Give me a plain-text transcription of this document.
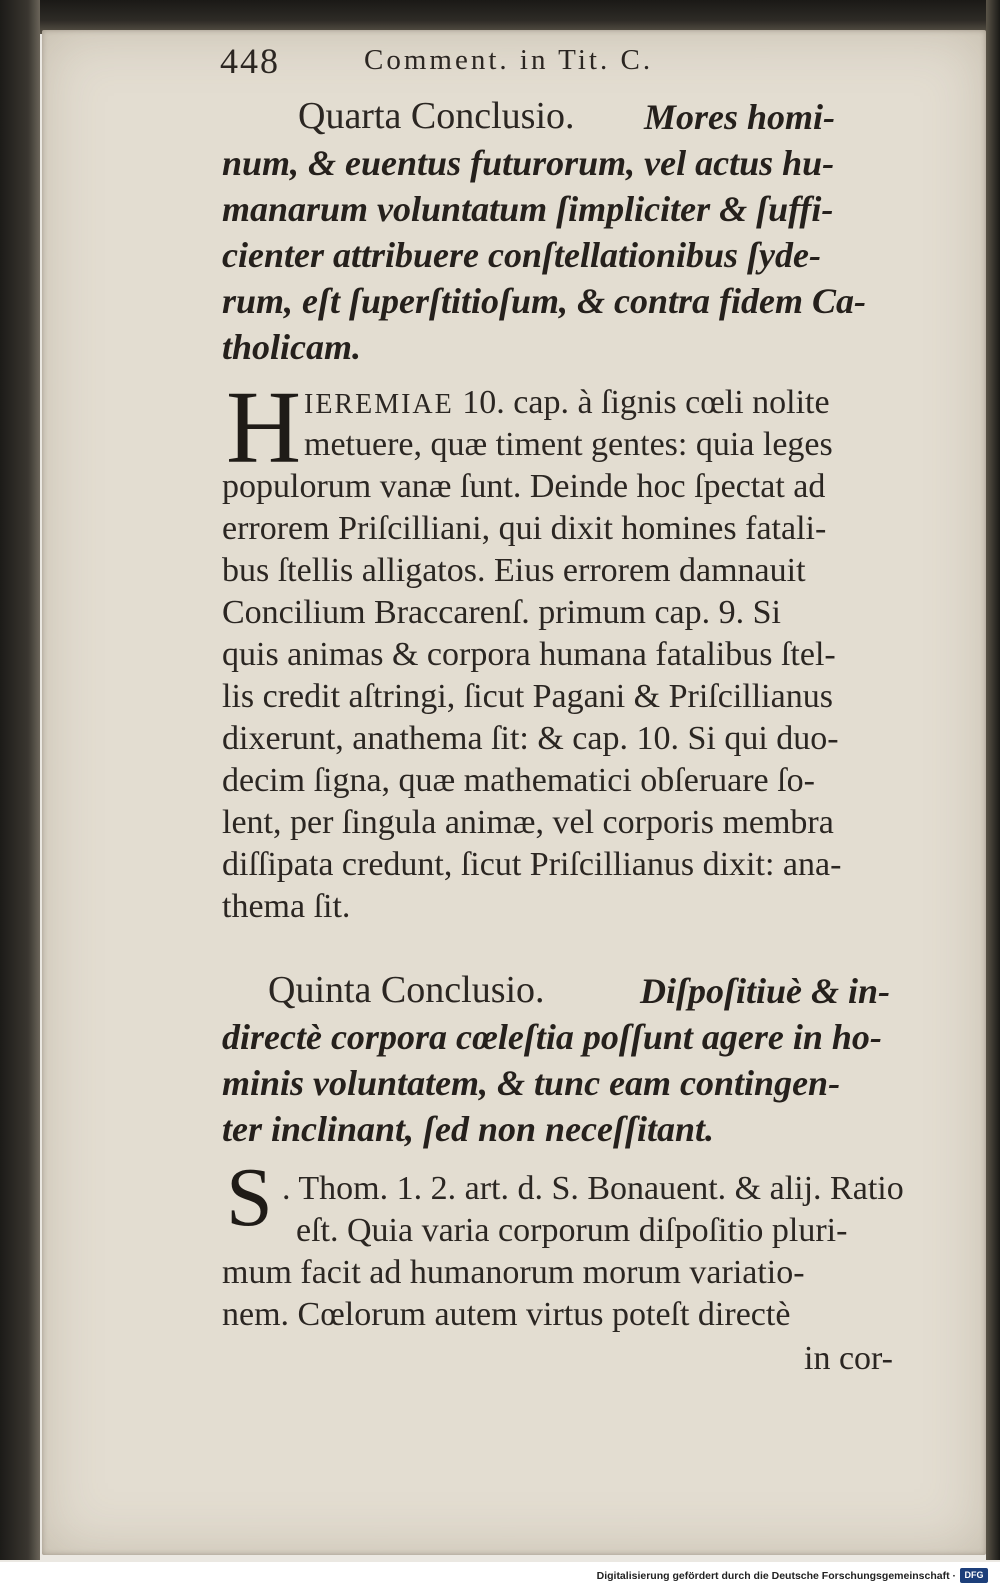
448	Comment. in Tit. C.
Quarta Conclusio. Mores homi-
num, & euentus futurorum, vel actus hu-
manarum voluntatum ſimpliciter & ſuffi-
cienter attribuere conſtellationibus ſyde-
rum, eſt ſuperſtitioſum, & contra fidem Ca-
tholicam.
H IEREMIAE 10. cap. à ſignis cœli nolite
metuere, quæ timent gentes: quia leges
populorum vanæ ſunt. Deinde hoc ſpectat ad
errorem Priſcilliani, qui dixit homines fatali-
bus ſtellis alligatos. Eius errorem damnauit
Concilium Braccarenſ. primum cap. 9. Si
quis animas & corpora humana fatalibus ſtel-
lis credit aſtringi, ſicut Pagani & Priſcillianus
dixerunt, anathema ſit: & cap. 10. Si qui duo-
decim ſigna, quæ mathematici obſeruare ſo-
lent, per ſingula animæ, vel corporis membra
diſſipata credunt, ſicut Priſcillianus dixit: ana-
thema ſit.
Quinta Conclusio.	Diſpoſitiuè & in-
directè corpora cœleſtia poſſunt agere in ho-
minis voluntatem, & tunc eam contingen-
ter inclinant, ſed non neceſſitant.
S . Thom. 1. 2. art. d. S. Bonauent. & alij. Ratio
eſt. Quia varia corporum diſpoſitio pluri-
mum facit ad humanorum morum variatio-
nem. Cœlorum autem virtus poteſt directè
in cor-
Digitalisierung gefördert durch die Deutsche Forschungsgemeinschaft · DFG
